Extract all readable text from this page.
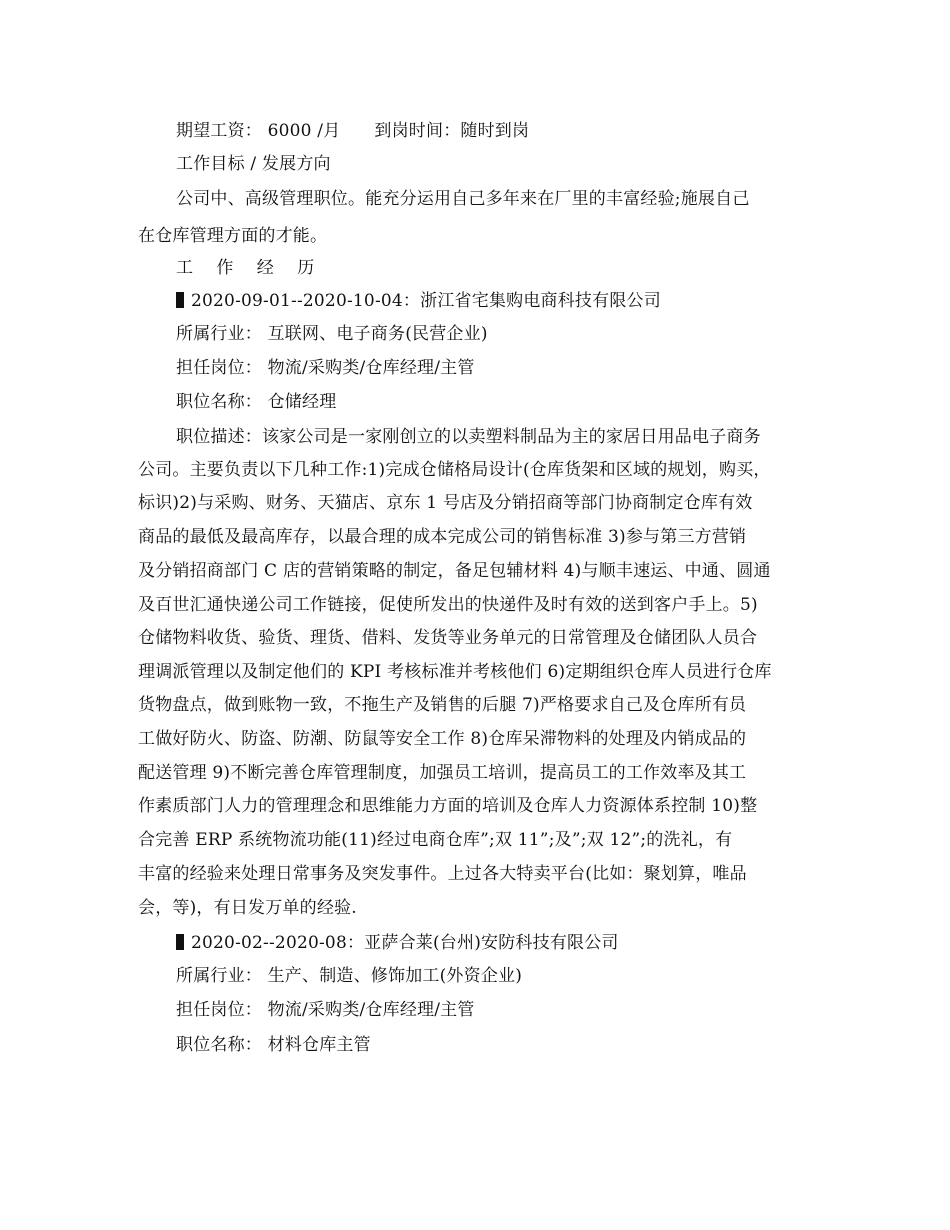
期望工资： 6000 /月 到岗时间：随时到岗
工作目标 / 发展方向
公司中、高级管理职位。能充分运用自己多年来在厂里的丰富经验;施展自己
在仓库管理方面的才能。
工 作 经 历
2020-09-01--2020-10-04：浙江省宅集购电商科技有限公司
所属行业： 互联网、电子商务(民营企业)
担任岗位： 物流/采购类/仓库经理/主管
职位名称： 仓储经理
职位描述：该家公司是一家刚创立的以卖塑料制品为主的家居日用品电子商务
公司。主要负责以下几种工作:1)完成仓储格局设计(仓库货架和区域的规划，购买，
标识)2)与采购、财务、天猫店、京东 1 号店及分销招商等部门协商制定仓库有效
商品的最低及最高库存，以最合理的成本完成公司的销售标准 3)参与第三方营销
及分销招商部门 C 店的营销策略的制定，备足包辅材料 4)与顺丰速运、中通、圆通
及百世汇通快递公司工作链接，促使所发出的快递件及时有效的送到客户手上。5)
仓储物料收货、验货、理货、借料、发货等业务单元的日常管理及仓储团队人员合
理调派管理以及制定他们的 KPI 考核标准并考核他们 6)定期组织仓库人员进行仓库
货物盘点，做到账物一致，不拖生产及销售的后腿 7)严格要求自己及仓库所有员
工做好防火、防盗、防潮、防鼠等安全工作 8)仓库呆滞物料的处理及内销成品的
配送管理 9)不断完善仓库管理制度，加强员工培训，提高员工的工作效率及其工
作素质部门人力的管理理念和思维能力方面的培训及仓库人力资源体系控制 10)整
合完善 ERP 系统物流功能(11)经过电商仓库”;双 11”;及”;双 12”;的洗礼，有
丰富的经验来处理日常事务及突发事件。上过各大特卖平台(比如：聚划算，唯品
会，等)，有日发万单的经验.
2020-02--2020-08：亚萨合莱(台州)安防科技有限公司
所属行业： 生产、制造、修饰加工(外资企业)
担任岗位： 物流/采购类/仓库经理/主管
职位名称： 材料仓库主管
